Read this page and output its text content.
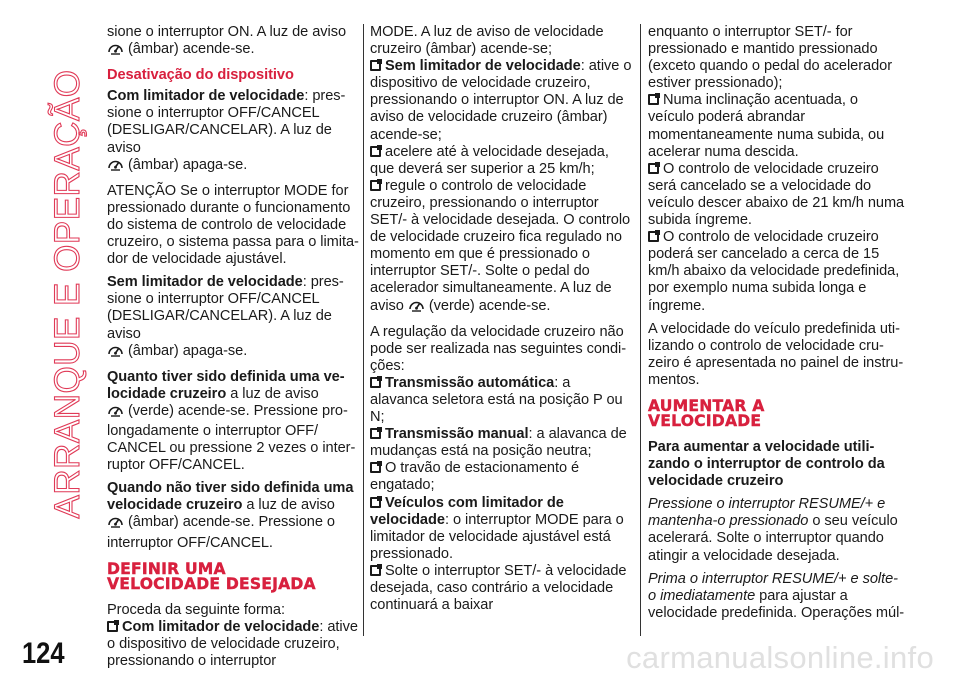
ARRANQUE E OPERAÇÃO

sione o interruptor ON. A luz de aviso
(âmbar) acende-se.

Desativação do dispositivo

Com limitador de velocidade: pres-sione o interruptor OFF/CANCEL (DESLIGAR/CANCELAR). A luz de aviso
(âmbar) apaga-se.

ATENÇÃO Se o interruptor MODE for pressionado durante o funcionamento do sistema de controlo de velocidade cruzeiro, o sistema passa para o limita-dor de velocidade ajustável.

Sem limitador de velocidade: pres-sione o interruptor OFF/CANCEL (DESLIGAR/CANCELAR). A luz de aviso
(âmbar) apaga-se.

Quanto tiver sido definida uma ve-locidade cruzeiro a luz de aviso
(verde) acende-se. Pressione pro-longadamente o interruptor OFF/ CANCEL ou pressione 2 vezes o inter-ruptor OFF/CANCEL.

Quando não tiver sido definida uma velocidade cruzeiro a luz de aviso
(âmbar) acende-se. Pressione o interruptor OFF/CANCEL.

DEFINIR UMA
VELOCIDADE DESEJADA

Proceda da seguinte forma:

Com limitador de velocidade: ative o dispositivo de velocidade cruzeiro, pressionando o interruptor

MODE. A luz de aviso de velocidade cruzeiro (âmbar) acende-se;

Sem limitador de velocidade: ative o dispositivo de velocidade cruzeiro, pressionando o interruptor ON. A luz de aviso de velocidade cruzeiro (âmbar) acende-se;

acelere até à velocidade desejada, que deverá ser superior a 25 km/h;

regule o controlo de velocidade cruzeiro, pressionando o interruptor SET/- à velocidade desejada. O controlo de velocidade cruzeiro fica regulado no momento em que é pressionado o interruptor SET/-. Solte o pedal do acelerador simultaneamente. A luz de aviso (verde) acende-se.

A regulação da velocidade cruzeiro não pode ser realizada nas seguintes condi-ções:

Transmissão automática: a alavanca seletora está na posição P ou N;

Transmissão manual: a alavanca de mudanças está na posição neutra;

O travão de estacionamento é engatado;

Veículos com limitador de velocidade: o interruptor MODE para o limitador de velocidade ajustável está pressionado.

Solte o interruptor SET/- à velocidade desejada, caso contrário a velocidade continuará a baixar

enquanto o interruptor SET/- for pressionado e mantido pressionado (exceto quando o pedal do acelerador estiver pressionado);

Numa inclinação acentuada, o veículo poderá abrandar momentaneamente numa subida, ou acelerar numa descida.

O controlo de velocidade cruzeiro será cancelado se a velocidade do veículo descer abaixo de 21 km/h numa subida íngreme.

O controlo de velocidade cruzeiro poderá ser cancelado a cerca de 15 km/h abaixo da velocidade predefinida, por exemplo numa subida longa e íngreme.

A velocidade do veículo predefinida uti-lizando o controlo de velocidade cru-zeiro é apresentada no painel de instru-mentos.

AUMENTAR A
VELOCIDADE

Para aumentar a velocidade utili-zando o interruptor de controlo da velocidade cruzeiro

Pressione o interruptor RESUME/+ e mantenha-o pressionado o seu veículo acelerará. Solte o interruptor quando atingir a velocidade desejada.

Prima o interruptor RESUME/+ e solte-o imediatamente para ajustar a velocidade predefinida. Operações múl-

124	carmanualsonline.info
